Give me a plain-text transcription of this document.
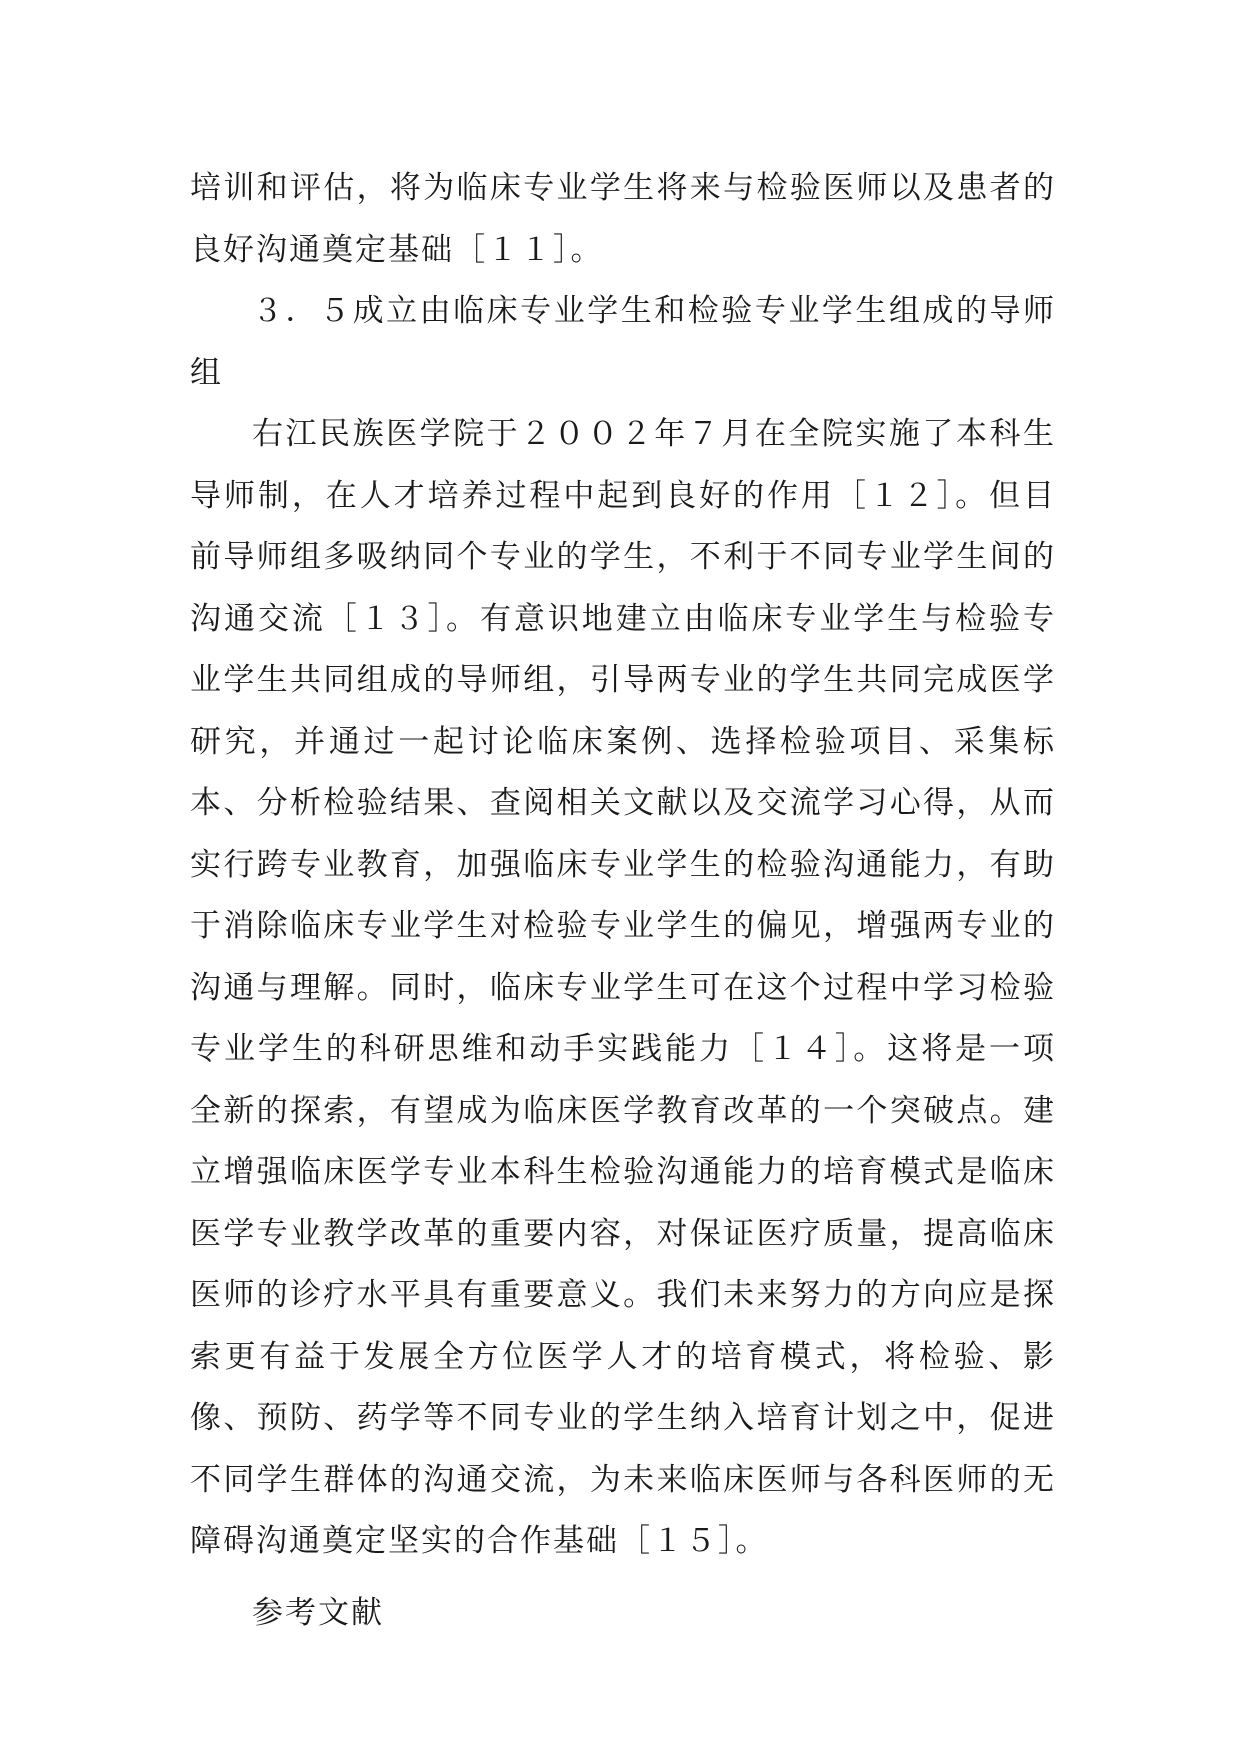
培训和评估，将为临床专业学生将来与检验医师以及患者的良好沟通奠定基础［１１］。

３．５成立由临床专业学生和检验专业学生组成的导师组

右江民族医学院于２００２年７月在全院实施了本科生导师制，在人才培养过程中起到良好的作用［１２］。但目前导师组多吸纳同个专业的学生，不利于不同专业学生间的沟通交流［１３］。有意识地建立由临床专业学生与检验专业学生共同组成的导师组，引导两专业的学生共同完成医学研究，并通过一起讨论临床案例、选择检验项目、采集标本、分析检验结果、查阅相关文献以及交流学习心得，从而实行跨专业教育，加强临床专业学生的检验沟通能力，有助于消除临床专业学生对检验专业学生的偏见，增强两专业的沟通与理解。同时，临床专业学生可在这个过程中学习检验专业学生的科研思维和动手实践能力［１４］。这将是一项全新的探索，有望成为临床医学教育改革的一个突破点。建立增强临床医学专业本科生检验沟通能力的培育模式是临床医学专业教学改革的重要内容，对保证医疗质量，提高临床医师的诊疗水平具有重要意义。我们未来努力的方向应是探索更有益于发展全方位医学人才的培育模式，将检验、影像、预防、药学等不同专业的学生纳入培育计划之中，促进不同学生群体的沟通交流，为未来临床医师与各科医师的无障碍沟通奠定坚实的合作基础［１５］。

参考文献
